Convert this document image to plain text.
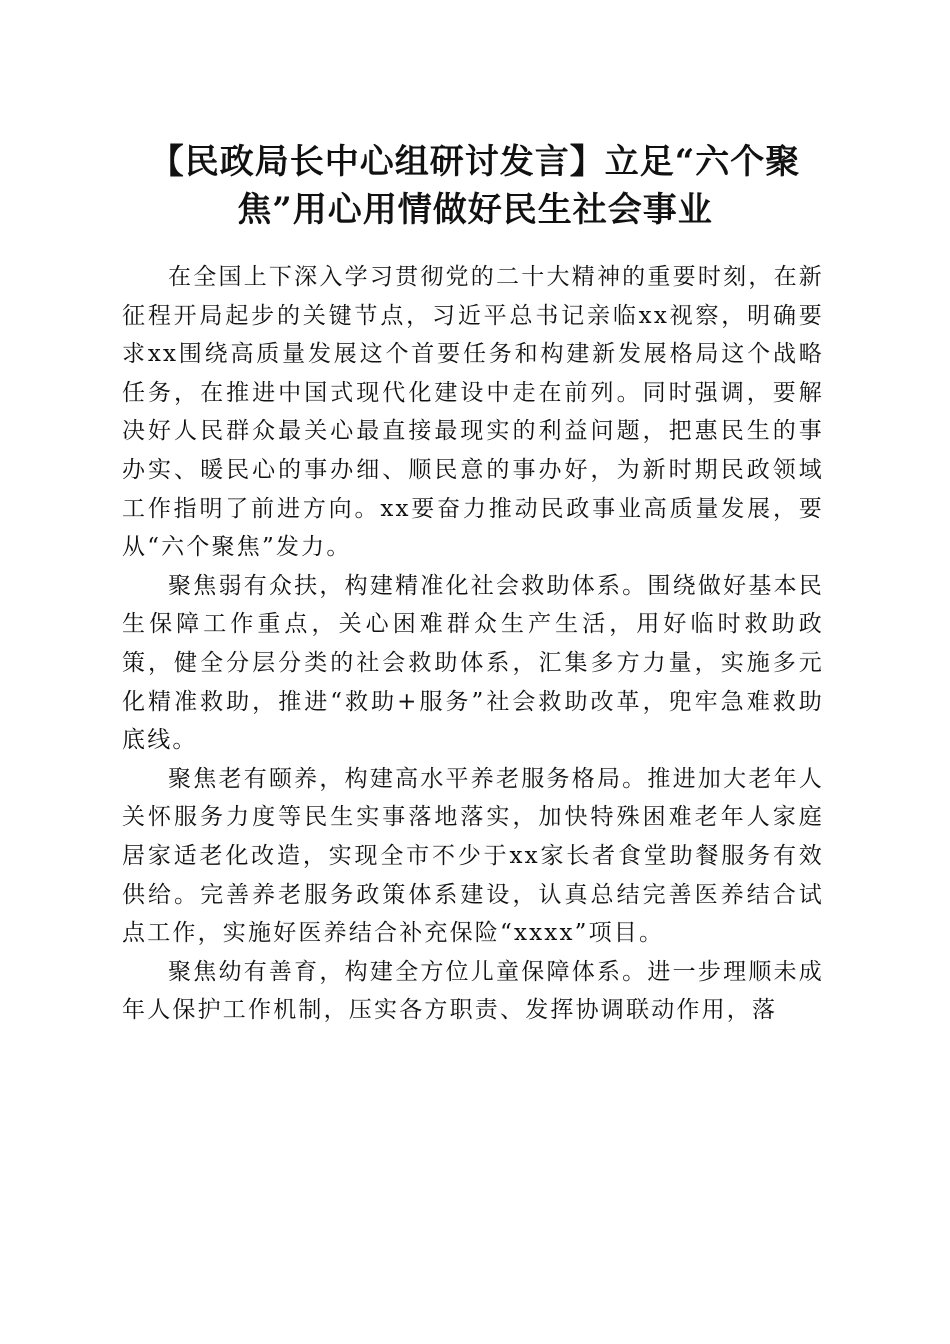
【民政局长中心组研讨发言】立足“六个聚焦”用心用情做好民生社会事业

在全国上下深入学习贯彻党的二十大精神的重要时刻，在新征程开局起步的关键节点，习近平总书记亲临xx视察，明确要求xx围绕高质量发展这个首要任务和构建新发展格局这个战略任务，在推进中国式现代化建设中走在前列。同时强调，要解决好人民群众最关心最直接最现实的利益问题，把惠民生的事办实、暖民心的事办细、顺民意的事办好，为新时期民政领域工作指明了前进方向。xx要奋力推动民政事业高质量发展，要从“六个聚焦”发力。

聚焦弱有众扶，构建精准化社会救助体系。围绕做好基本民生保障工作重点，关心困难群众生产生活，用好临时救助政策，健全分层分类的社会救助体系，汇集多方力量，实施多元化精准救助，推进“救助+服务”社会救助改革，兜牢急难救助底线。

聚焦老有颐养，构建高水平养老服务格局。推进加大老年人关怀服务力度等民生实事落地落实，加快特殊困难老年人家庭居家适老化改造，实现全市不少于xx家长者食堂助餐服务有效供给。完善养老服务政策体系建设，认真总结完善医养结合试点工作，实施好医养结合补充保险“xxxx”项目。

聚焦幼有善育，构建全方位儿童保障体系。进一步理顺未成年人保护工作机制，压实各方职责、发挥协调联动作用，落
